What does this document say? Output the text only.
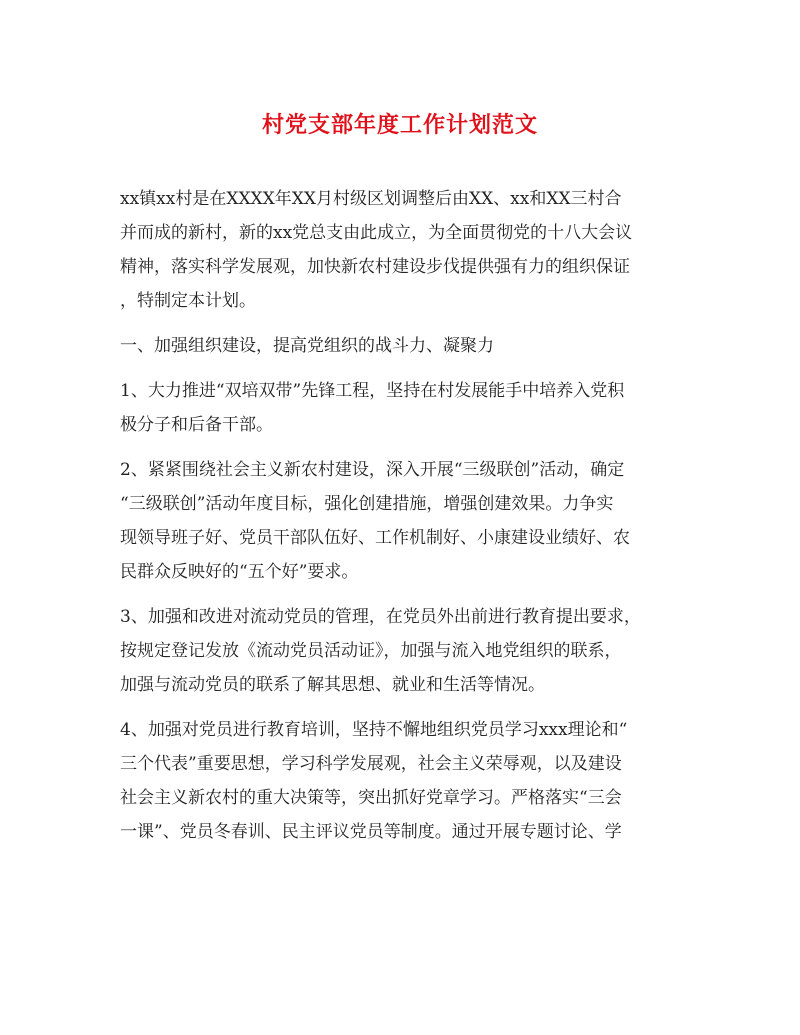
村党支部年度工作计划范文
xx镇xx村是在XXXX年XX月村级区划调整后由XX、xx和XX三村合
并而成的新村，新的xx党总支由此成立，为全面贯彻党的十八大会议
精神，落实科学发展观，加快新农村建设步伐提供强有力的组织保证
，特制定本计划。
一、加强组织建设，提高党组织的战斗力、凝聚力
1、大力推进“双培双带”先锋工程，坚持在村发展能手中培养入党积
极分子和后备干部。
2、紧紧围绕社会主义新农村建设，深入开展“三级联创”活动，确定
“三级联创”活动年度目标，强化创建措施，增强创建效果。力争实
现领导班子好、党员干部队伍好、工作机制好、小康建设业绩好、农
民群众反映好的“五个好”要求。
3、加强和改进对流动党员的管理，在党员外出前进行教育提出要求，
按规定登记发放《流动党员活动证》，加强与流入地党组织的联系，
加强与流动党员的联系了解其思想、就业和生活等情况。
4、加强对党员进行教育培训，坚持不懈地组织党员学习xxx理论和“
三个代表”重要思想，学习科学发展观，社会主义荣辱观，以及建设
社会主义新农村的重大决策等，突出抓好党章学习。严格落实“三会
一课”、党员冬春训、民主评议党员等制度。通过开展专题讨论、学
